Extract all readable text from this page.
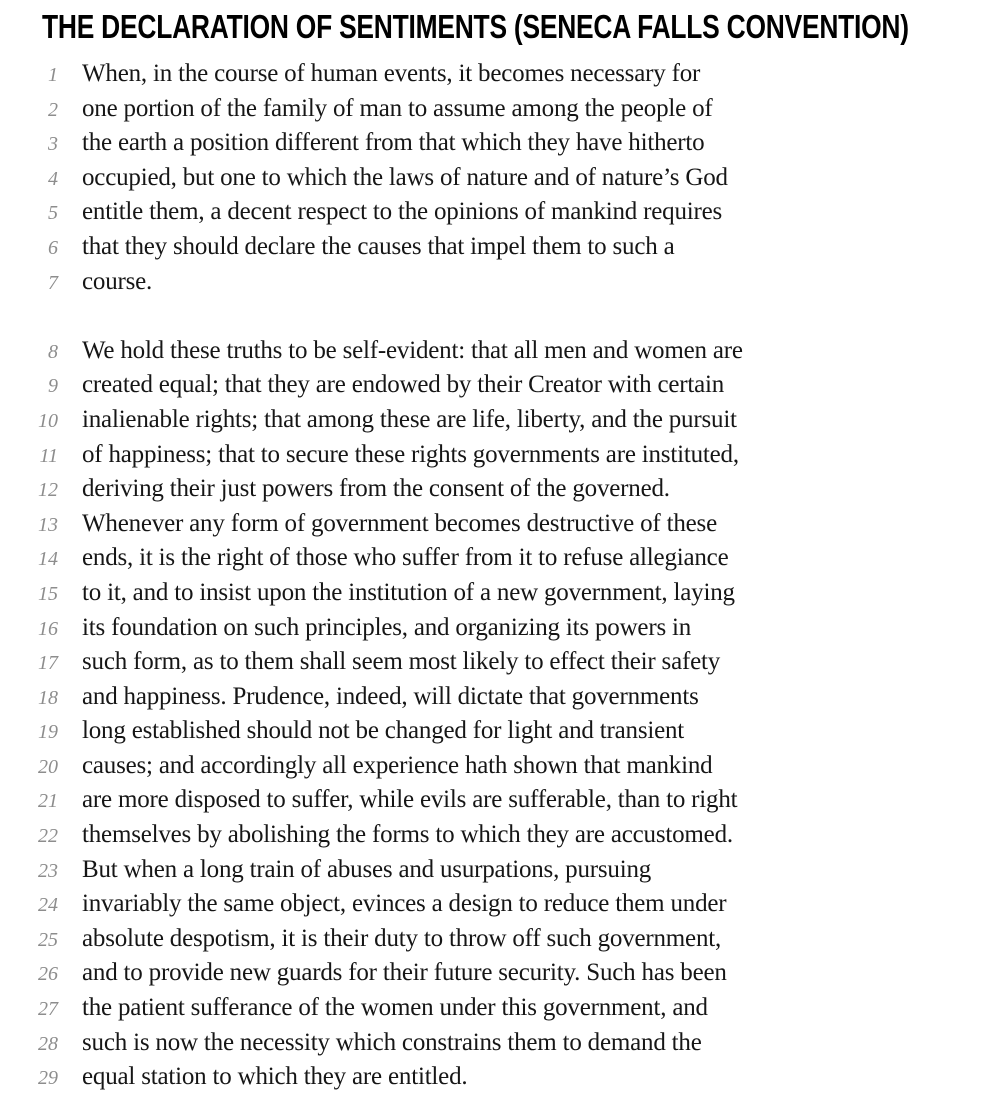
THE DECLARATION OF SENTIMENTS (SENECA FALLS CONVENTION)
1 When, in the course of human events, it becomes necessary for
2 one portion of the family of man to assume among the people of
3 the earth a position different from that which they have hitherto
4 occupied, but one to which the laws of nature and of nature’s God
5 entitle them, a decent respect to the opinions of mankind requires
6 that they should declare the causes that impel them to such a
7 course.
8 We hold these truths to be self-evident: that all men and women are
9 created equal; that they are endowed by their Creator with certain
10 inalienable rights; that among these are life, liberty, and the pursuit
11 of happiness; that to secure these rights governments are instituted,
12 deriving their just powers from the consent of the governed.
13 Whenever any form of government becomes destructive of these
14 ends, it is the right of those who suffer from it to refuse allegiance
15 to it, and to insist upon the institution of a new government, laying
16 its foundation on such principles, and organizing its powers in
17 such form, as to them shall seem most likely to effect their safety
18 and happiness. Prudence, indeed, will dictate that governments
19 long established should not be changed for light and transient
20 causes; and accordingly all experience hath shown that mankind
21 are more disposed to suffer, while evils are sufferable, than to right
22 themselves by abolishing the forms to which they are accustomed.
23 But when a long train of abuses and usurpations, pursuing
24 invariably the same object, evinces a design to reduce them under
25 absolute despotism, it is their duty to throw off such government,
26 and to provide new guards for their future security. Such has been
27 the patient sufferance of the women under this government, and
28 such is now the necessity which constrains them to demand the
29 equal station to which they are entitled.
